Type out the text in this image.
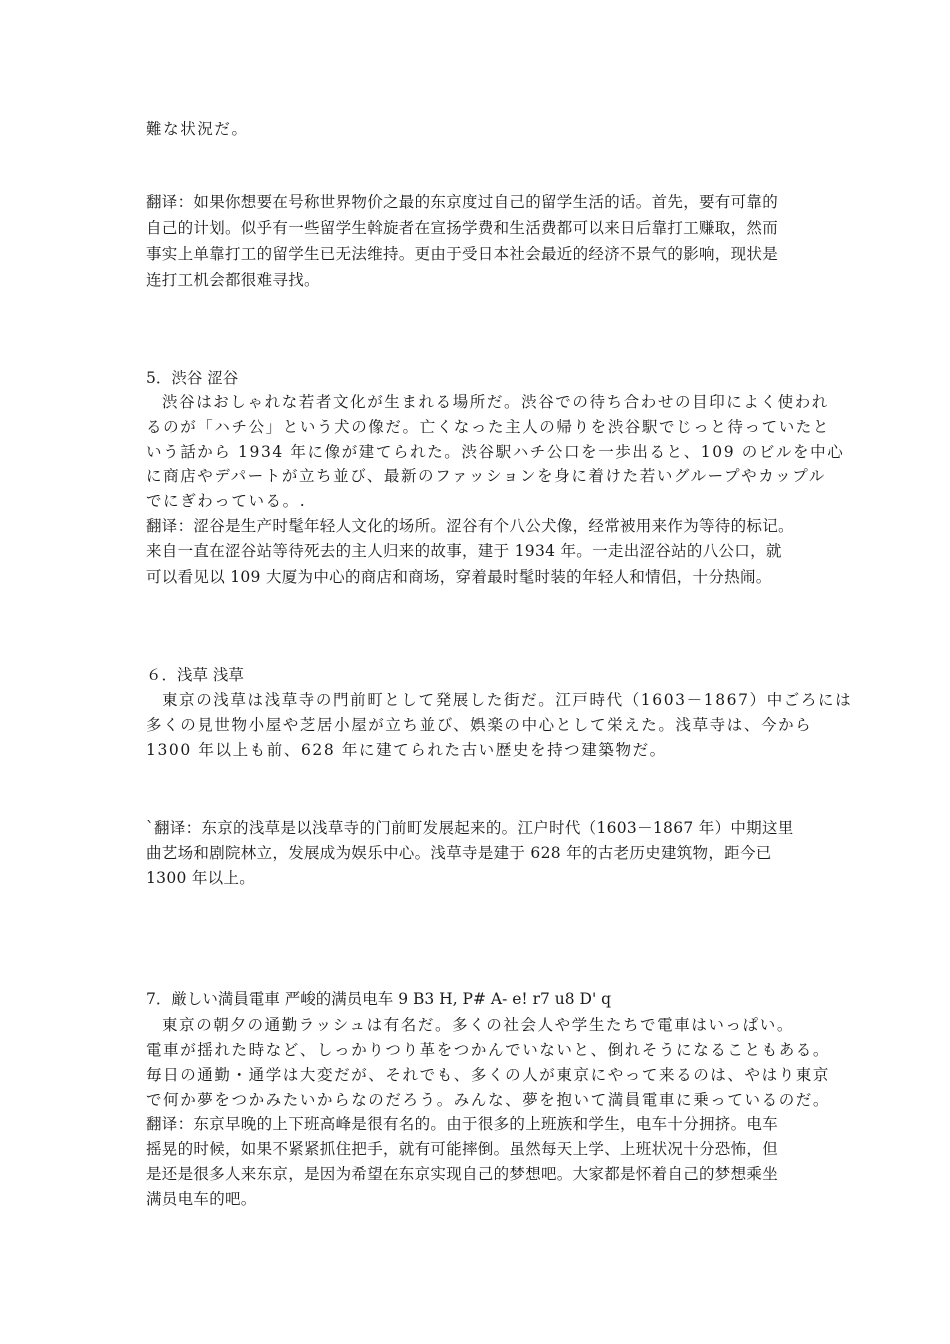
難な状況だ。
翻译：如果你想要在号称世界物价之最的东京度过自己的留学生活的话。首先，要有可靠的
自己的计划。似乎有一些留学生斡旋者在宣扬学费和生活费都可以来日后靠打工赚取，然而
事实上单靠打工的留学生已无法维持。更由于受日本社会最近的经济不景气的影响，现状是
连打工机会都很难寻找。
5．渋谷 涩谷
渋谷はおしゃれな若者文化が生まれる場所だ。渋谷での待ち合わせの目印によく使われ
るのが「ハチ公」という犬の像だ。亡くなった主人の帰りを渋谷駅でじっと待っていたと
いう話から 1934 年に像が建てられた。渋谷駅ハチ公口を一歩出ると、109 のビルを中心
に商店やデパートが立ち並び、最新のファッションを身に着けた若いグループやカップル
でにぎわっている。.
翻译：涩谷是生产时髦年轻人文化的场所。涩谷有个八公犬像，经常被用来作为等待的标记。
来自一直在涩谷站等待死去的主人归来的故事，建于 1934 年。一走出涩谷站的八公口，就
可以看见以 109 大厦为中心的商店和商场，穿着最时髦时装的年轻人和情侣，十分热闹。
６．浅草 浅草
東京の浅草は浅草寺の門前町として発展した街だ。江戸時代（1603－1867）中ごろには
多くの見世物小屋や芝居小屋が立ち並び、娯楽の中心として栄えた。浅草寺は、今から
1300 年以上も前、628 年に建てられた古い歴史を持つ建築物だ。
`翻译：东京的浅草是以浅草寺的门前町发展起来的。江户时代（1603－1867 年）中期这里
曲艺场和剧院林立，发展成为娱乐中心。浅草寺是建于 628 年的古老历史建筑物，距今已
1300 年以上。
7．厳しい満員電車 严峻的满员电车 9 B3 H, P# A- e! r7 u8 D' q
東京の朝夕の通勤ラッシュは有名だ。多くの社会人や学生たちで電車はいっぱい。
電車が揺れた時など、しっかりつり革をつかんでいないと、倒れそうになることもある。
毎日の通勤・通学は大変だが、それでも、多くの人が東京にやって来るのは、やはり東京
で何か夢をつかみたいからなのだろう。みんな、夢を抱いて満員電車に乗っているのだ。
翻译：东京早晚的上下班高峰是很有名的。由于很多的上班族和学生，电车十分拥挤。电车
摇晃的时候，如果不紧紧抓住把手，就有可能摔倒。虽然每天上学、上班状况十分恐怖，但
是还是很多人来东京，是因为希望在东京实现自己的梦想吧。大家都是怀着自己的梦想乘坐
满员电车的吧。
